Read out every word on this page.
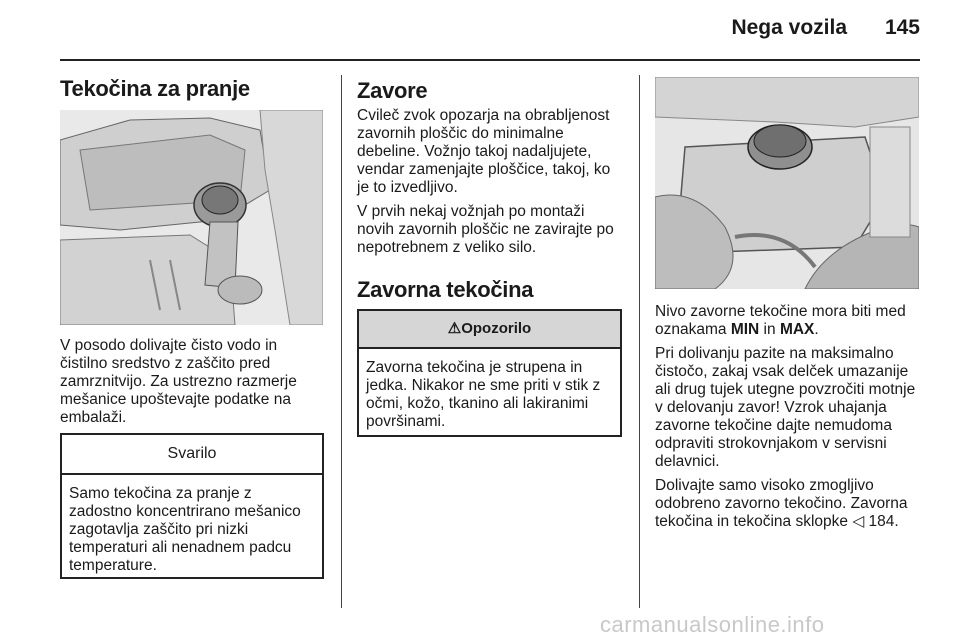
Nega vozila 145
Tekočina za pranje

V posodo dolivajte čisto vodo in čistilno sredstvo z zaščito pred zamrznitvijo. Za ustrezno razmerje mešanice upoštevajte podatke na embalaži.

Svarilo
Samo tekočina za pranje z zadostno koncentrirano mešanico zagotavlja zaščito pri nizki temperaturi ali nenadnem padcu temperature.
Zavore

Cvileč zvok opozarja na obrabljenost zavornih ploščic do minimalne debeline. Vožnjo takoj nadaljujete, vendar zamenjajte ploščice, takoj, ko je to izvedljivo.

V prvih nekaj vožnjah po montaži novih zavornih ploščic ne zavirajte po nepotrebnem z veliko silo.

Zavorna tekočina
⚠Opozorilo
Zavorna tekočina je strupena in jedka. Nikakor ne sme priti v stik z očmi, kožo, tkanino ali lakiranimi površinami.

Nivo zavorne tekočine mora biti med oznakama MIN in MAX.

Pri dolivanju pazite na maksimalno čistočo, zakaj vsak delček umazanije ali drug tujek utegne povzročiti motnje v delovanju zavor! Vzrok uhajanja zavorne tekočine dajte nemudoma odpraviti strokovnjakom v servisni delavnici.

Dolivajte samo visoko zmogljivo odobreno zavorno tekočino. Zavorna tekočina in tekočina sklopke ◁ 184.

carmanualsonline.info
